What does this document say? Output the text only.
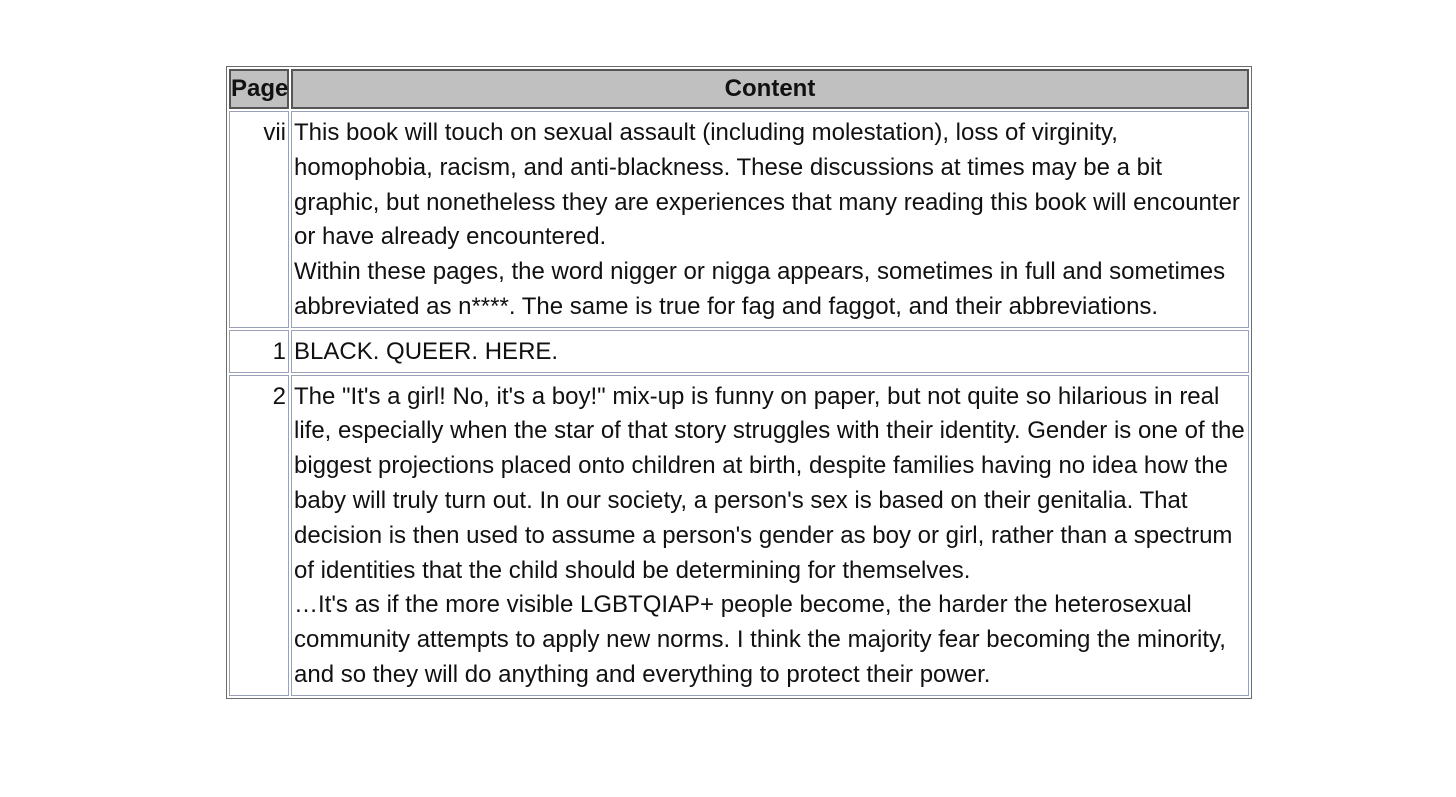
Page	Content
vii	This book will touch on sexual assault (including molestation), loss of virginity, homophobia, racism, and anti-blackness. These discussions at times may be a bit graphic, but nonetheless they are experiences that many reading this book will encounter or have already encountered.

Within these pages, the word nigger or nigga appears, sometimes in full and sometimes abbreviated as n****. The same is true for fag and faggot, and their abbreviations.

1	BLACK. QUEER. HERE.

2	The "It's a girl! No, it's a boy!" mix-up is funny on paper, but not quite so hilarious in real life, especially when the star of that story struggles with their identity. Gender is one of the biggest projections placed onto children at birth, despite families having no idea how the baby will truly turn out. In our society, a person's sex is based on their genitalia. That decision is then used to assume a person's gender as boy or girl, rather than a spectrum of identities that the child should be determining for themselves.

…It's as if the more visible LGBTQIAP+ people become, the harder the heterosexual community attempts to apply new norms. I think the majority fear becoming the minority, and so they will do anything and everything to protect their power.
